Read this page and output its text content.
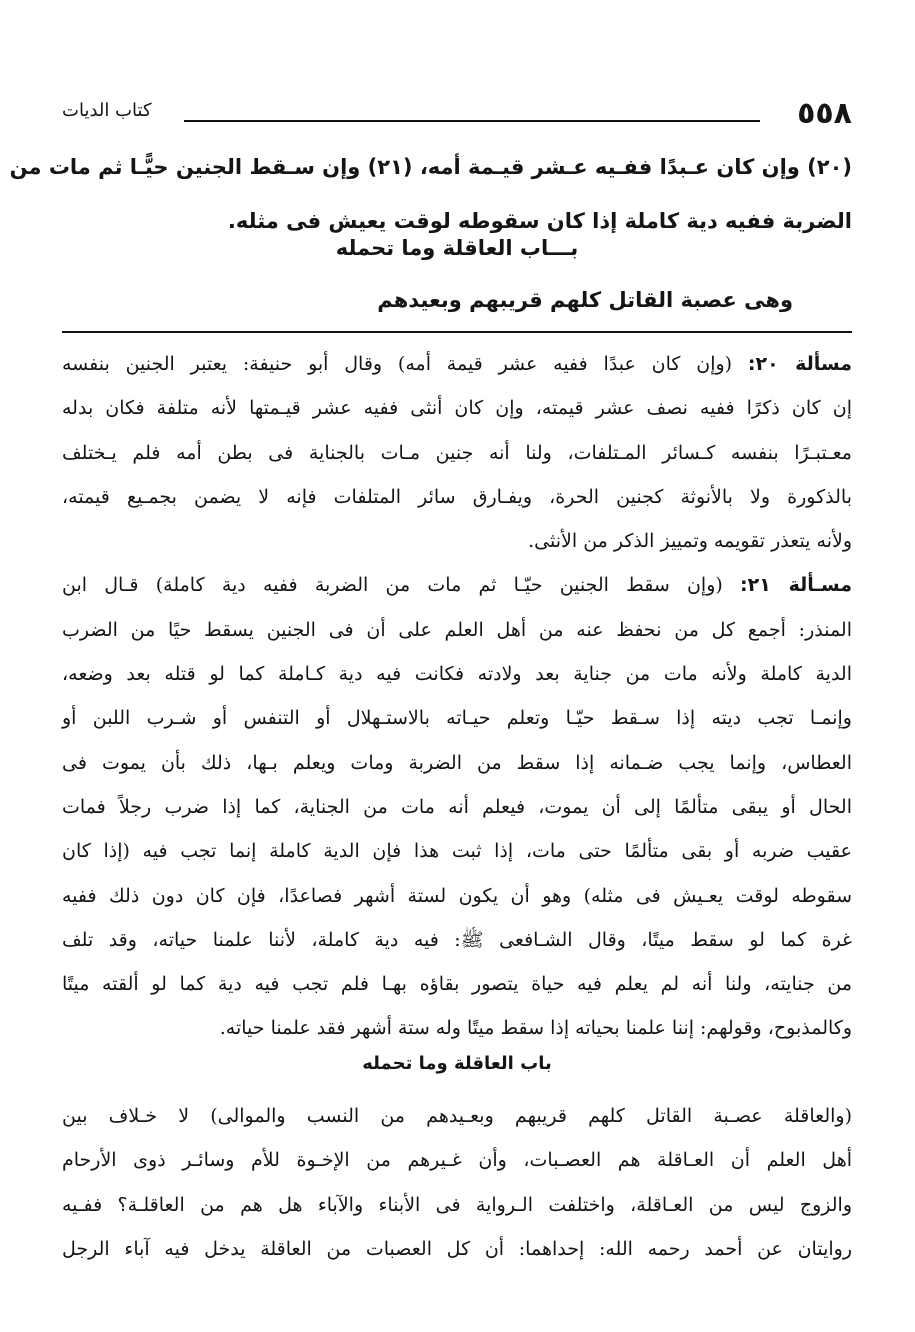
٥٥٨
كتاب الديات
(٢٠) وإن كان عـبدًا ففـيه عـشر قيـمة أمه، (٢١) وإن سـقط الجنين حيًّـا ثم مات من
الضربة ففيه دية كاملة إذا كان سقوطه لوقت يعيش فى مثله.
بـــاب العاقلة وما تحمله
وهى عصبة القاتل كلهم قريبهم وبعيدهم
مسألة ٢٠: (وإن كان عبدًا ففيه عشر قيمة أمه) وقال أبو حنيفة: يعتبر الجنين بنفسه
إن كان ذكرًا ففيه نصف عشر قيمته، وإن كان أنثى ففيه عشر قيـمتها لأنه متلفة فكان بدله
معـتبـرًا بنفسه كـسائر المـتلفات، ولنا أنه جنين مـات بالجناية فى بطن أمه فلم يـختلف
بالذكورة ولا بالأنوثة كجنين الحرة، ويفـارق سائر المتلفات فإنه لا يضمن بجمـيع قيمته،
ولأنه يتعذر تقويمه وتمييز الذكر من الأنثى.
مسـألة ٢١: (وإن سقط الجنين حيّـا ثم مات من الضربة ففيه دية كاملة) قـال ابن
المنذر: أجمع كل من نحفظ عنه من أهل العلم على أن فى الجنين يسقط حيًا من الضرب
الدية كاملة ولأنه مات من جناية بعد ولادته فكانت فيه دية كـاملة كما لو قتله بعد وضعه،
وإنمـا تجب ديته إذا سـقط حيّـا وتعلم حيـاته بالاستـهلال أو التنفس أو شـرب اللبن أو
العطاس، وإنما يجب ضـمانه إذا سقط من الضربة ومات ويعلم بـها، ذلك بأن يموت فى
الحال أو يبقى متألمًا إلى أن يموت، فيعلم أنه مات من الجناية، كما إذا ضرب رجلاً فمات
عقيب ضربه أو بقى متألمًا حتى مات، إذا ثبت هذا فإن الدية كاملة إنما تجب فيه (إذا كان
سقوطه لوقت يعـيش فى مثله) وهو أن يكون لستة أشهر فصاعدًا، فإن كان دون ذلك ففيه
غرة كما لو سقط ميتًا، وقال الشـافعى ﷺ: فيه دية كاملة، لأننا علمنا حياته، وقد تلف
من جنايته، ولنا أنه لم يعلم فيه حياة يتصور بقاؤه بهـا فلم تجب فيه دية كما لو ألقته ميتًا
وكالمذبوح، وقولهم: إننا علمنا بحياته إذا سقط ميتًا وله ستة أشهر فقد علمنا حياته.
باب العاقلة وما تحمله
(والعاقلة عصـبة القاتل كلهم قريبهم وبعـيدهم من النسب والموالى) لا خـلاف بين
أهل العلم أن العـاقلة هم العصـبات، وأن غـيرهم من الإخـوة للأم وسائـر ذوى الأرحام
والزوج ليس من العـاقلة، واختلفت الـرواية فى الأبناء والآباء هل هم من العاقلـة؟ ففـيه
روايتان عن أحمد رحمه الله: إحداهما: أن كل العصبات من العاقلة يدخل فيه آباء الرجل
